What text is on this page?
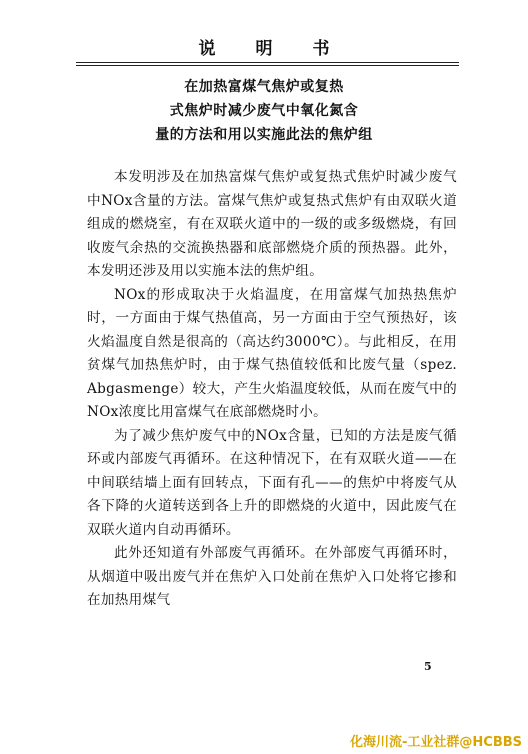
说明书
在加热富煤气焦炉或复热
式焦炉时减少废气中氧化氮含
量的方法和用以实施此法的焦炉组

本发明涉及在加热富煤气焦炉或复热式焦炉时减少废气中NOx含量的方法。富煤气焦炉或复热式焦炉有由双联火道组成的燃烧室，有在双联火道中的一级的或多级燃烧，有回收废气余热的交流换热器和底部燃烧介质的预热器。此外，本发明还涉及用以实施本法的焦炉组。

NOx的形成取决于火焰温度，在用富煤气加热热焦炉时，一方面由于煤气热值高，另一方面由于空气预热好，该火焰温度自然是很高的（高达约3000℃）。与此相反，在用贫煤气加热焦炉时，由于煤气热值较低和比废气量（spez. Abgasmenge）较大，产生火焰温度较低，从而在废气中的NOx浓度比用富煤气在底部燃烧时小。

为了减少焦炉废气中的NOx含量，已知的方法是废气循环或内部废气再循环。在这种情况下，在有双联火道——在中间联结墙上面有回转点，下面有孔——的焦炉中将废气从各下降的火道转送到各上升的即燃烧的火道中，因此废气在双联火道内自动再循环。

此外还知道有外部废气再循环。在外部废气再循环时，从烟道中吸出废气并在焦炉入口处前在焦炉入口处将它掺和在加热用煤气

5
化海川流-工业社群@HCBBS
